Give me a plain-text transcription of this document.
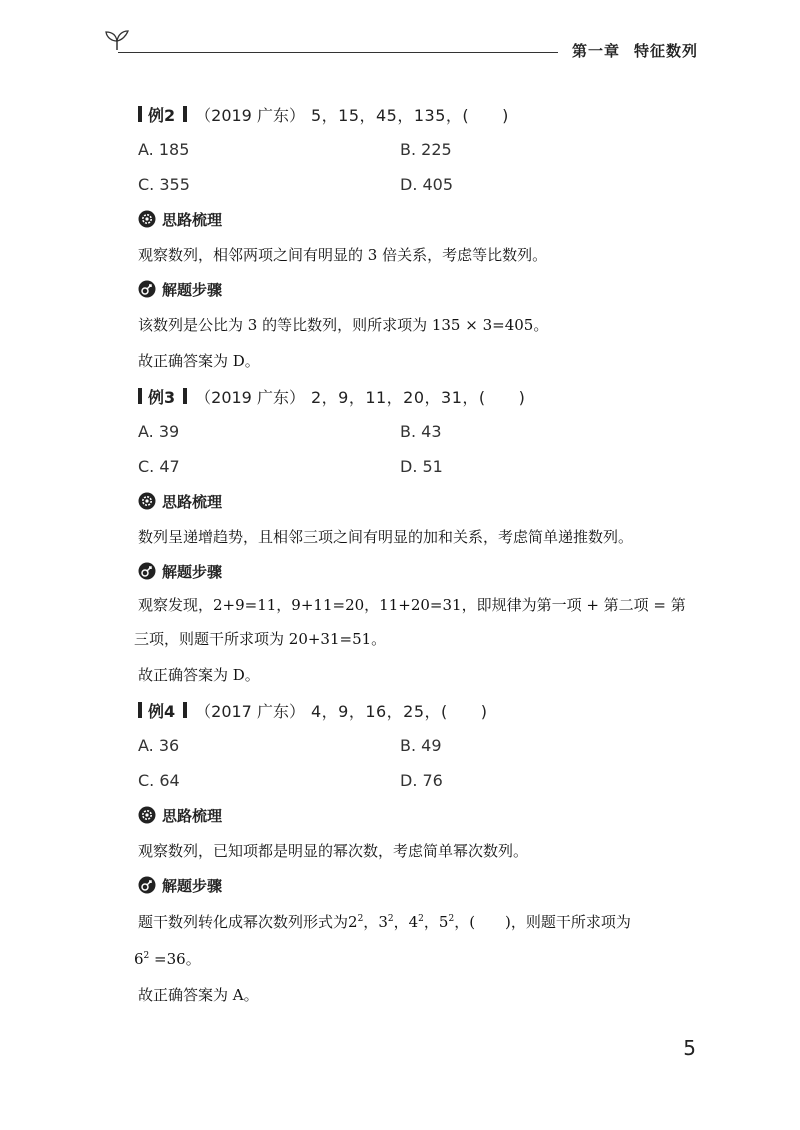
第一章 特征数列
例2 （2019 广东） 5，15，45，135，(　　)
A. 185	B. 225
C. 355	D. 405
思路梳理
观察数列，相邻两项之间有明显的 3 倍关系，考虑等比数列。
解题步骤
该数列是公比为 3 的等比数列，则所求项为 135 × 3=405。
故正确答案为 D。
例3 （2019 广东） 2，9，11，20，31，(　　)
A. 39	B. 43
C. 47	D. 51
思路梳理
数列呈递增趋势，且相邻三项之间有明显的加和关系，考虑简单递推数列。
解题步骤
观察发现，2+9=11，9+11=20，11+20=31，即规律为第一项 + 第二项 = 第三项，则题干所求项为 20+31=51。
故正确答案为 D。
例4 （2017 广东） 4，9，16，25，(　　)
A. 36	B. 49
C. 64	D. 76
思路梳理
观察数列，已知项都是明显的幂次数，考虑简单幂次数列。
解题步骤
题干数列转化成幂次数列形式为$2^2$，$3^2$，$4^2$，$5^2$，(　　)，则题干所求项为
$6^2 =36$。
故正确答案为 A。
5
